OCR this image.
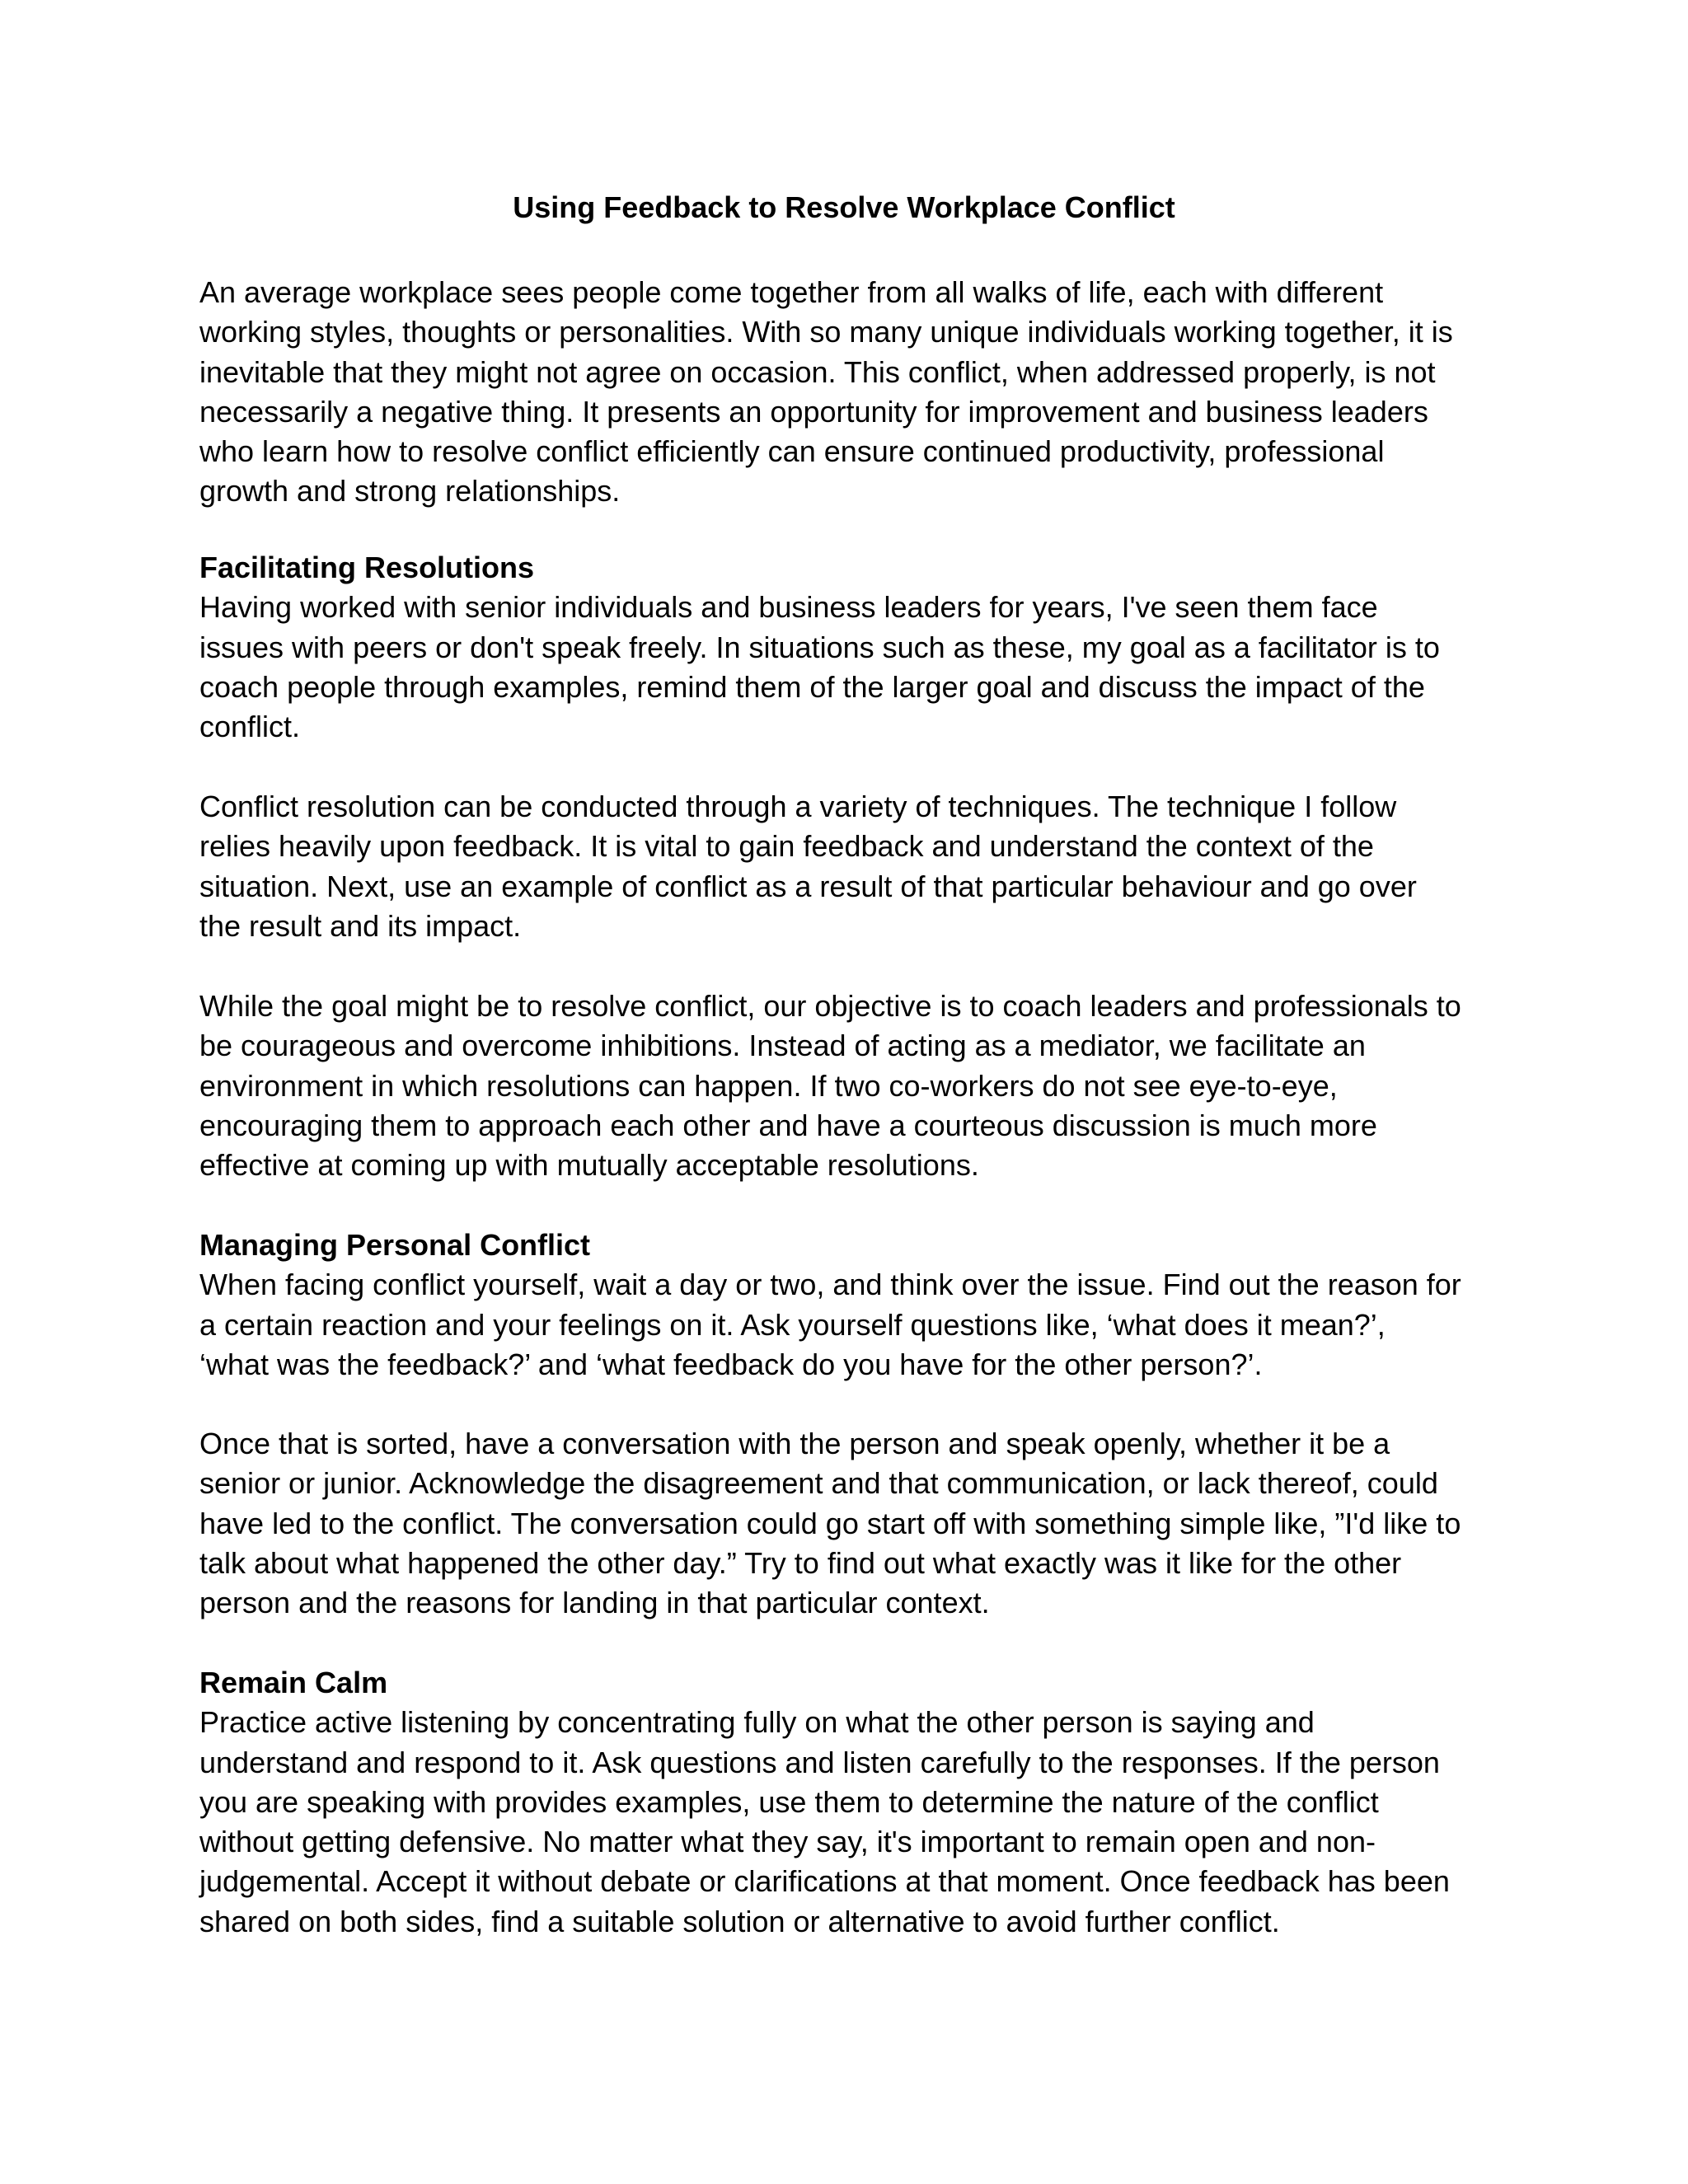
Using Feedback to Resolve Workplace Conflict

An average workplace sees people come together from all walks of life, each with different
working styles, thoughts or personalities. With so many unique individuals working together, it is
inevitable that they might not agree on occasion. This conflict, when addressed properly, is not
necessarily a negative thing. It presents an opportunity for improvement and business leaders
who learn how to resolve conflict efficiently can ensure continued productivity, professional
growth and strong relationships.

Facilitating Resolutions

Having worked with senior individuals and business leaders for years, I've seen them face
issues with peers or don't speak freely. In situations such as these, my goal as a facilitator is to
coach people through examples, remind them of the larger goal and discuss the impact of the
conflict.

Conflict resolution can be conducted through a variety of techniques. The technique I follow
relies heavily upon feedback. It is vital to gain feedback and understand the context of the
situation. Next, use an example of conflict as a result of that particular behaviour and go over
the result and its impact.

While the goal might be to resolve conflict, our objective is to coach leaders and professionals to
be courageous and overcome inhibitions. Instead of acting as a mediator, we facilitate an
environment in which resolutions can happen. If two co-workers do not see eye-to-eye,
encouraging them to approach each other and have a courteous discussion is much more
effective at coming up with mutually acceptable resolutions.

Managing Personal Conflict

When facing conflict yourself, wait a day or two, and think over the issue. Find out the reason for
a certain reaction and your feelings on it. Ask yourself questions like, ‘what does it mean?’,
‘what was the feedback?’ and ‘what feedback do you have for the other person?’.

Once that is sorted, have a conversation with the person and speak openly, whether it be a
senior or junior. Acknowledge the disagreement and that communication, or lack thereof, could
have led to the conflict. The conversation could go start off with something simple like, ”I'd like to
talk about what happened the other day.” Try to find out what exactly was it like for the other
person and the reasons for landing in that particular context.

Remain Calm

Practice active listening by concentrating fully on what the other person is saying and
understand and respond to it. Ask questions and listen carefully to the responses. If the person
you are speaking with provides examples, use them to determine the nature of the conflict
without getting defensive. No matter what they say, it's important to remain open and non-
judgemental. Accept it without debate or clarifications at that moment. Once feedback has been
shared on both sides, find a suitable solution or alternative to avoid further conflict.
